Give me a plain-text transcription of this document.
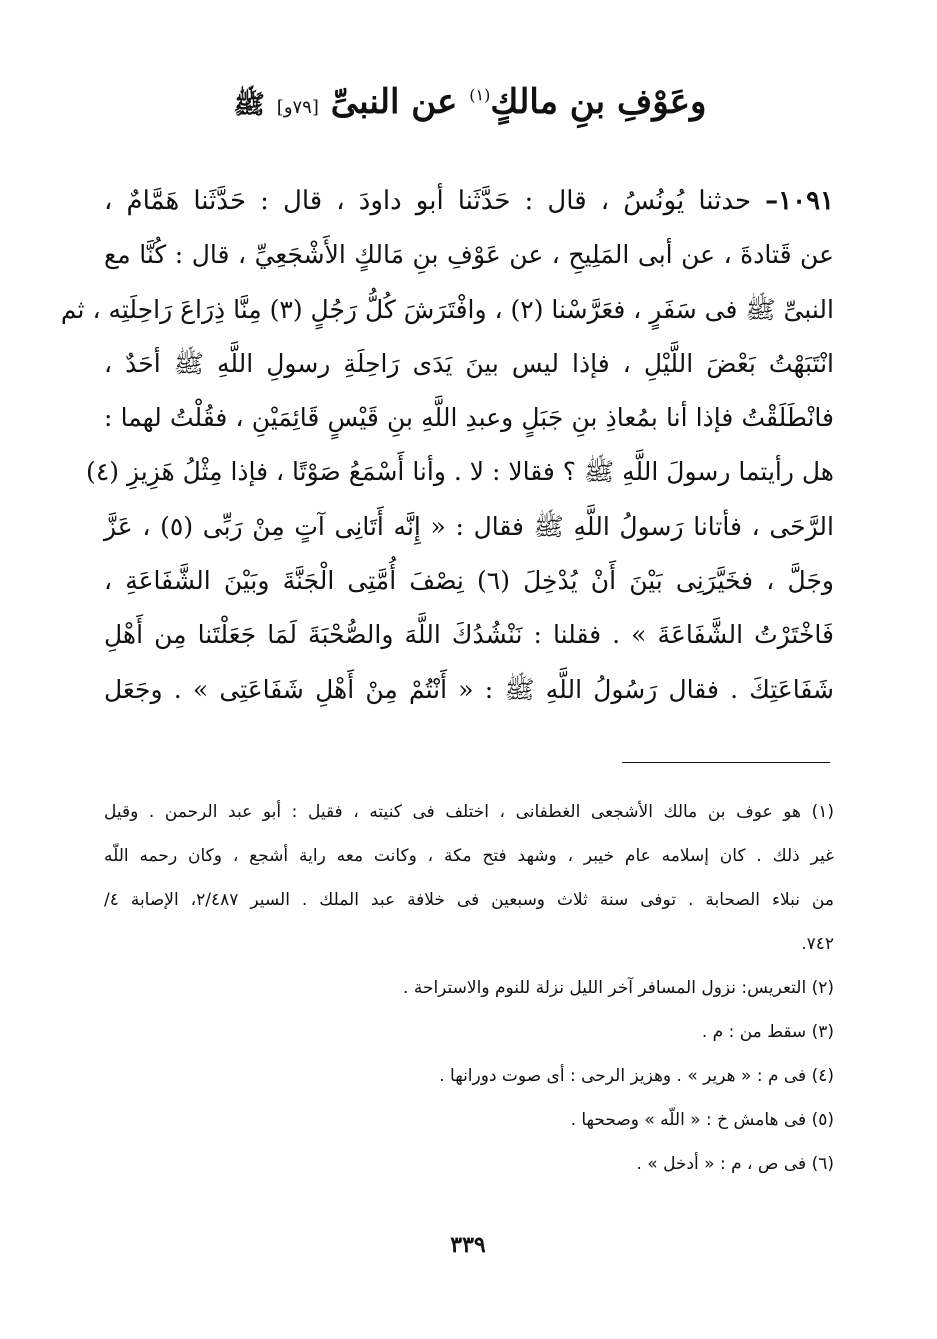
وعَوْفِ بنِ مالكٍ$^{(١)}$ عن النبىِّ [٧٩و] ﷺ
١٠٩١– حدثنا يُونُسُ ، قال : حَدَّثَنا أبو داودَ ، قال : حَدَّثَنا هَمَّامٌ ،
عن قَتادةَ ، عن أبى المَلِيحِ ، عن عَوْفِ بنِ مَالكٍ الأَشْجَعِيِّ ، قال : كُنَّا مع
النبىِّ ﷺ فى سَفَرٍ ، فعَرَّسْنا (٢) ، وافْتَرَشَ كُلُّ رَجُلٍ (٣) مِنَّا ذِرَاعَ رَاحِلَتِه ، ثم
انْتَبَهْتُ بَعْضَ اللَّيْلِ ، فإذا ليس بينَ يَدَى رَاحِلَةِ رسولِ اللَّهِ ﷺ أحَدٌ ،
فانْطَلَقْتُ فإذا أنا بمُعاذِ بنِ جَبَلٍ وعبدِ اللَّهِ بنِ قَيْسٍ قَائِمَيْنِ ، فقُلْتُ لهما :
هل رأيتما رسولَ اللَّهِ ﷺ ؟ فقالا : لا . وأنا أَسْمَعُ صَوْتًا ، فإذا مِثْلُ هَزِيزِ (٤)
الرَّحَى ، فأتانا رَسولُ اللَّهِ ﷺ فقال : « إِنَّه أَتَانِى آتٍ مِنْ رَبِّى (٥) ، عَزَّ
وجَلَّ ، فخَيَّرَنِى بَيْنَ أَنْ يُدْخِلَ (٦) نِصْفَ أُمَّتِى الْجَنَّةَ وبَيْنَ الشَّفَاعَةِ ،
فَاخْتَرْتُ الشَّفَاعَةَ » . فقلنا : نَنْشُدُكَ اللَّهَ والصُّحْبَةَ لَمَا جَعَلْتَنا مِن أَهْلِ
شَفَاعَتِكَ . فقال رَسُولُ اللَّهِ ﷺ : « أَنْتُمْ مِنْ أَهْلِ شَفَاعَتِى » . وجَعَل
(١) هو عوف بن مالك الأشجعى الغطفانى ، اختلف فى كنيته ، فقيل : أبو عبد الرحمن . وقيل
غير ذلك . كان إسلامه عام خيبر ، وشهد فتح مكة ، وكانت معه راية أشجع ، وكان رحمه اللّه
من نبلاء الصحابة . توفى سنة ثلاث وسبعين فى خلافة عبد الملك . السير ٢/٤٨٧، الإصابة ٤/
٧٤٢.
(٢) التعريس: نزول المسافر آخر الليل نزلة للنوم والاستراحة .
(٣) سقط من : م .
(٤) فى م : « هرير » . وهزيز الرحى : أى صوت دورانها .
(٥) فى هامش خ : « اللّه » وصححها .
(٦) فى ص ، م : « أدخل » .
٣٣٩
